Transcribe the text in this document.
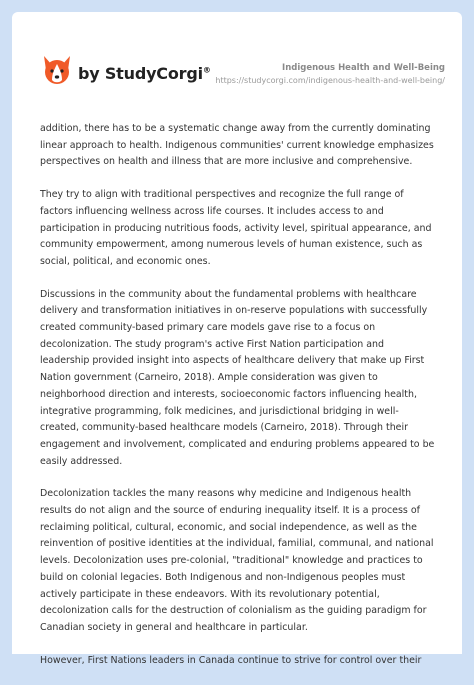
by StudyCorgi®	Indigenous Health and Well-Being
https://studycorgi.com/indigenous-health-and-well-being/

addition, there has to be a systematic change away from the currently dominating linear approach to health. Indigenous communities' current knowledge emphasizes perspectives on health and illness that are more inclusive and comprehensive.

They try to align with traditional perspectives and recognize the full range of factors influencing wellness across life courses. It includes access to and participation in producing nutritious foods, activity level, spiritual appearance, and community empowerment, among numerous levels of human existence, such as social, political, and economic ones.

Discussions in the community about the fundamental problems with healthcare delivery and transformation initiatives in on-reserve populations with successfully created community-based primary care models gave rise to a focus on decolonization. The study program's active First Nation participation and leadership provided insight into aspects of healthcare delivery that make up First Nation government (Carneiro, 2018). Ample consideration was given to neighborhood direction and interests, socioeconomic factors influencing health, integrative programming, folk medicines, and jurisdictional bridging in well-created, community-based healthcare models (Carneiro, 2018). Through their engagement and involvement, complicated and enduring problems appeared to be easily addressed.

Decolonization tackles the many reasons why medicine and Indigenous health results do not align and the source of enduring inequality itself. It is a process of reclaiming political, cultural, economic, and social independence, as well as the reinvention of positive identities at the individual, familial, communal, and national levels. Decolonization uses pre-colonial, "traditional" knowledge and practices to build on colonial legacies. Both Indigenous and non-Indigenous peoples must actively participate in these endeavors. With its revolutionary potential, decolonization calls for the destruction of colonialism as the guiding paradigm for Canadian society in general and healthcare in particular.

However, First Nations leaders in Canada continue to strive for control over their
